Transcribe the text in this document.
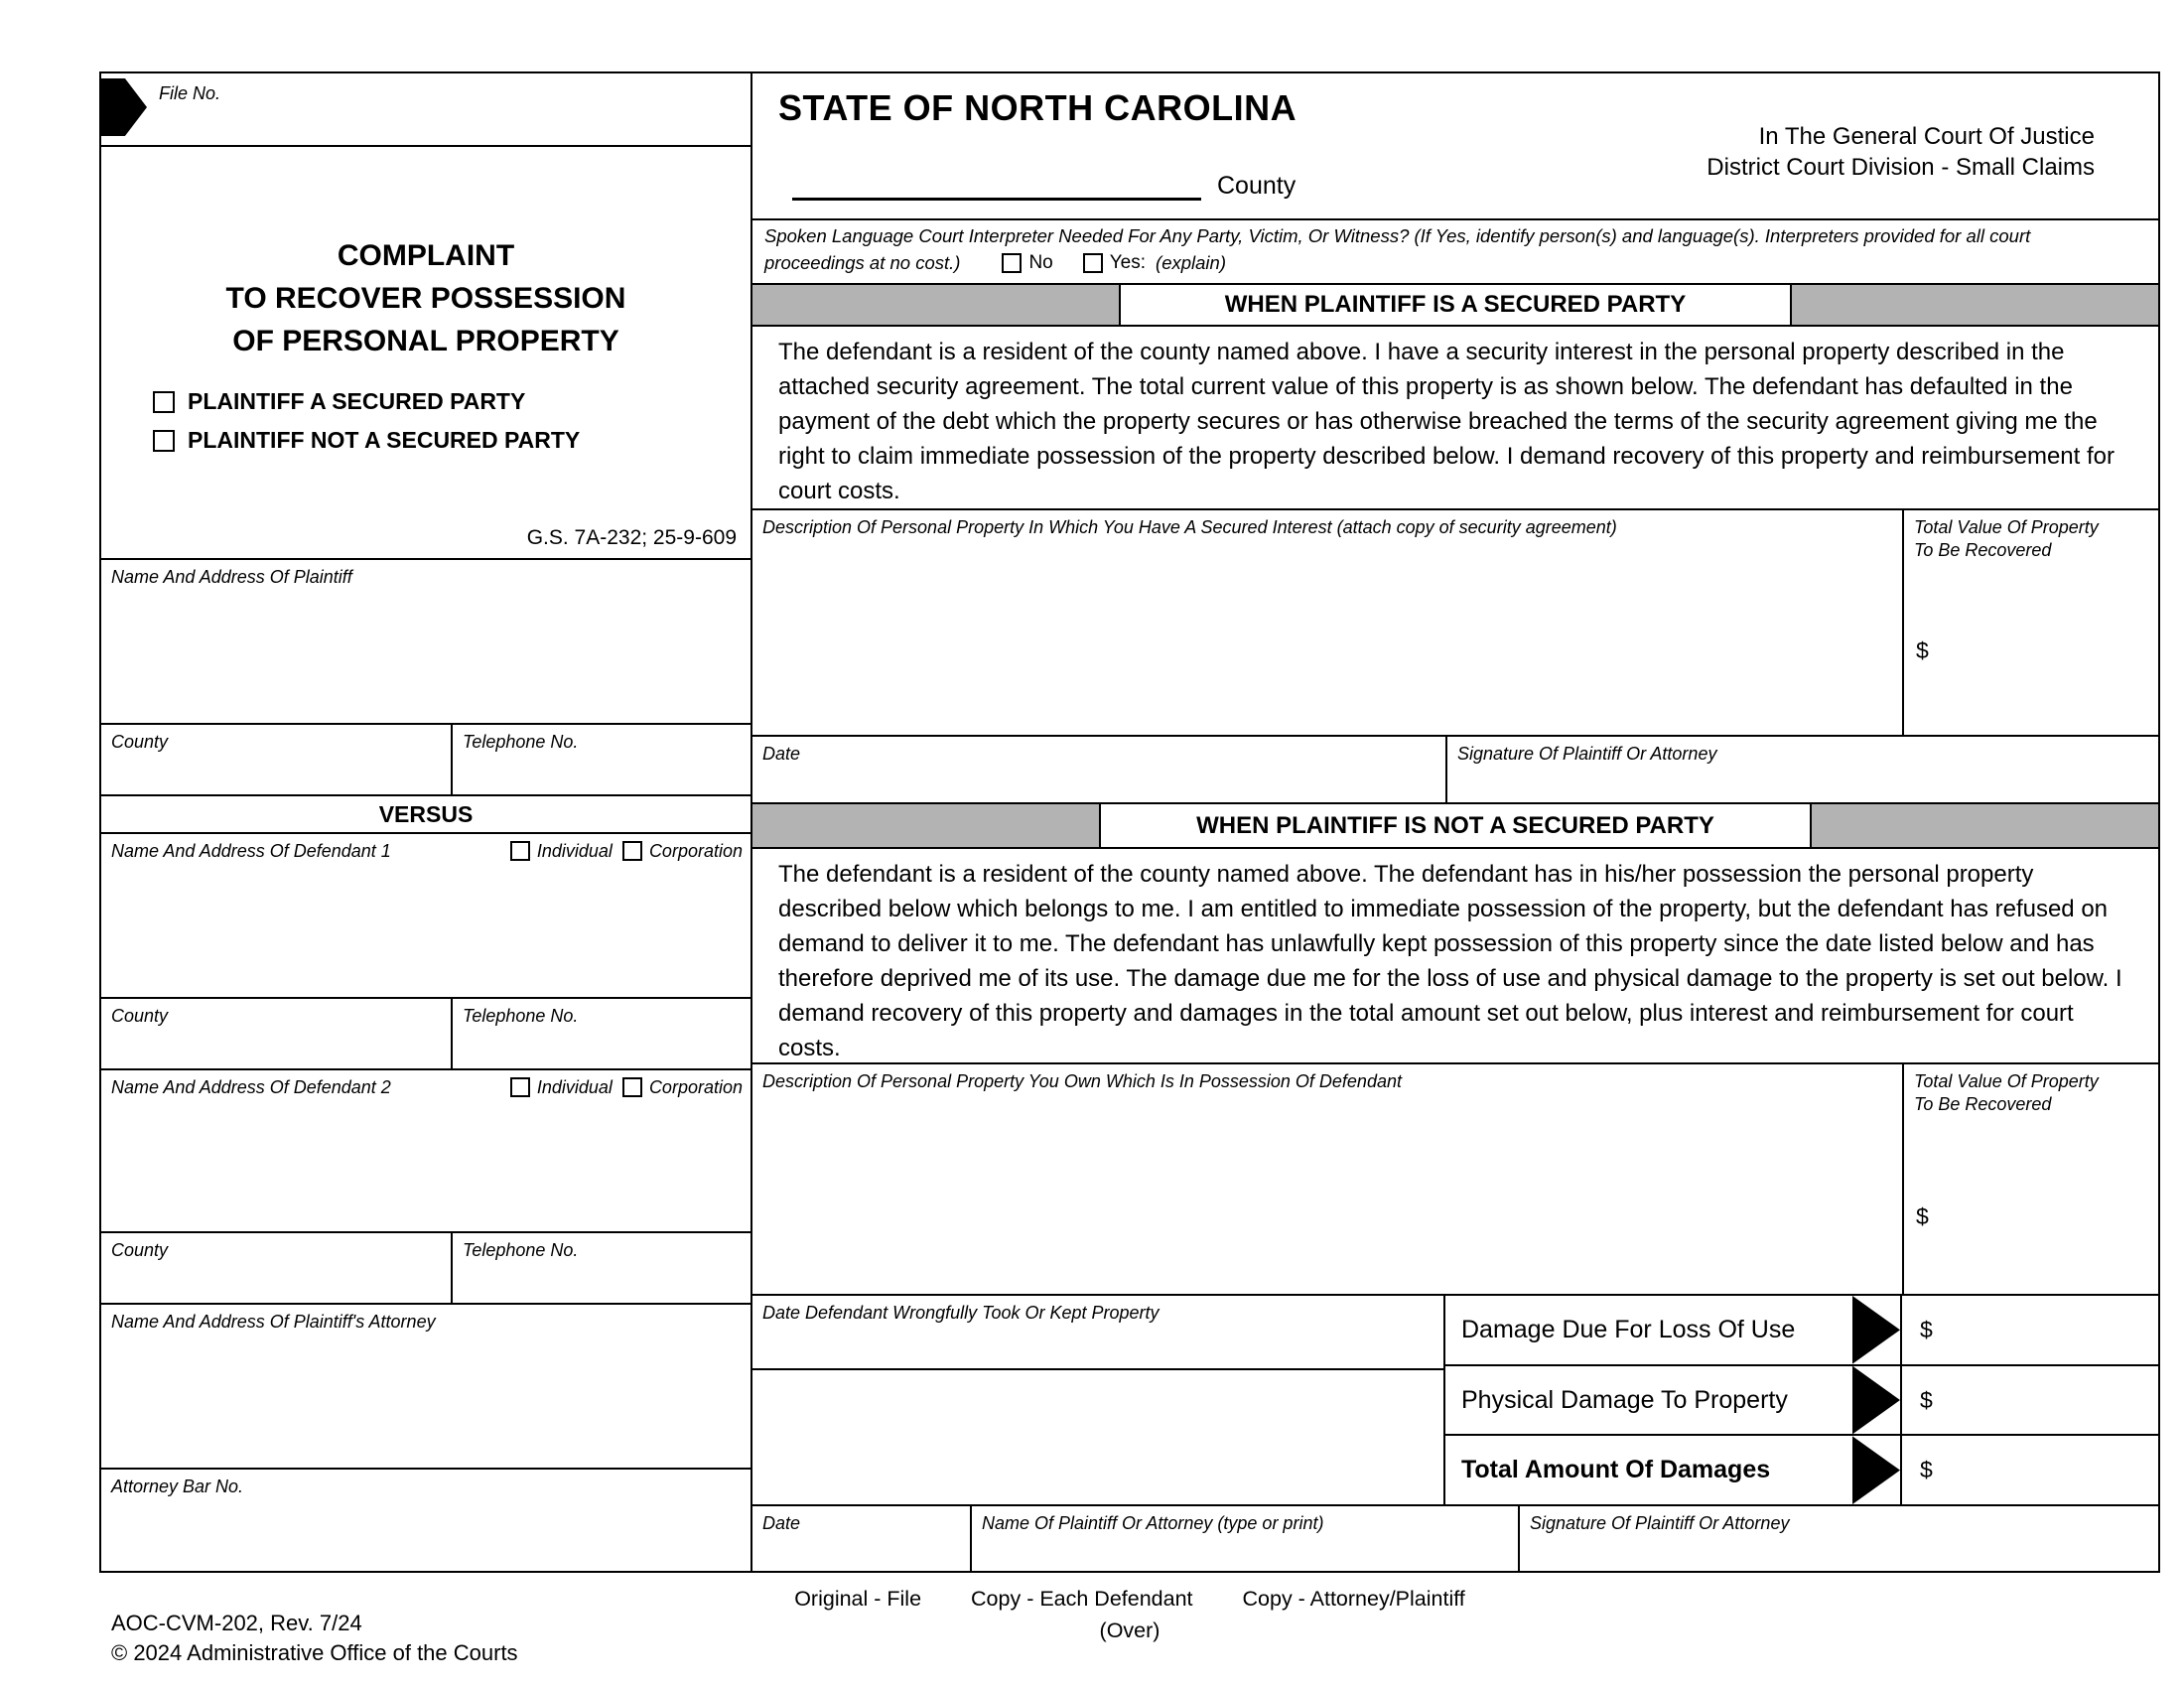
File No.
COMPLAINT
TO RECOVER POSSESSION
OF PERSONAL PROPERTY
PLAINTIFF A SECURED PARTY
PLAINTIFF NOT A SECURED PARTY
G.S. 7A-232; 25-9-609
Name And Address Of Plaintiff
County	Telephone No.
VERSUS
Name And Address Of Defendant 1	Individual Corporation
County	Telephone No.
Name And Address Of Defendant 2	Individual Corporation
County	Telephone No.
Name And Address Of Plaintiff's Attorney
Attorney Bar No.
STATE OF NORTH CAROLINA
County
In The General Court Of Justice
District Court Division - Small Claims
Spoken Language Court Interpreter Needed For Any Party, Victim, Or Witness? (If Yes, identify person(s) and language(s). Interpreters provided for all court
proceedings at no cost.)	No	Yes: (explain)
WHEN PLAINTIFF IS A SECURED PARTY
The defendant is a resident of the county named above. I have a security interest in the personal property described in the attached security agreement. The total current value of this property is as shown below. The defendant has defaulted in the payment of the debt which the property secures or has otherwise breached the terms of the security agreement giving me the right to claim immediate possession of the property described below. I demand recovery of this property and reimbursement for court costs.
Description Of Personal Property In Which You Have A Secured Interest (attach copy of security agreement)	Total Value Of Property
To Be Recovered
$
Date	Signature Of Plaintiff Or Attorney
WHEN PLAINTIFF IS NOT A SECURED PARTY
The defendant is a resident of the county named above. The defendant has in his/her possession the personal property described below which belongs to me. I am entitled to immediate possession of the property, but the defendant has refused on demand to deliver it to me. The defendant has unlawfully kept possession of this property since the date listed below and has therefore deprived me of its use. The damage due me for the loss of use and physical damage to the property is set out below. I demand recovery of this property and damages in the total amount set out below, plus interest and reimbursement for court costs.
Description Of Personal Property You Own Which Is In Possession Of Defendant	Total Value Of Property
To Be Recovered
$
Date Defendant Wrongfully Took Or Kept Property
Damage Due For Loss Of Use	$
Physical Damage To Property	$
Total Amount Of Damages	$
Date	Name Of Plaintiff Or Attorney (type or print)	Signature Of Plaintiff Or Attorney
Original - File Copy - Each Defendant Copy - Attorney/Plaintiff
(Over)
AOC-CVM-202, Rev. 7/24
© 2024 Administrative Office of the Courts
